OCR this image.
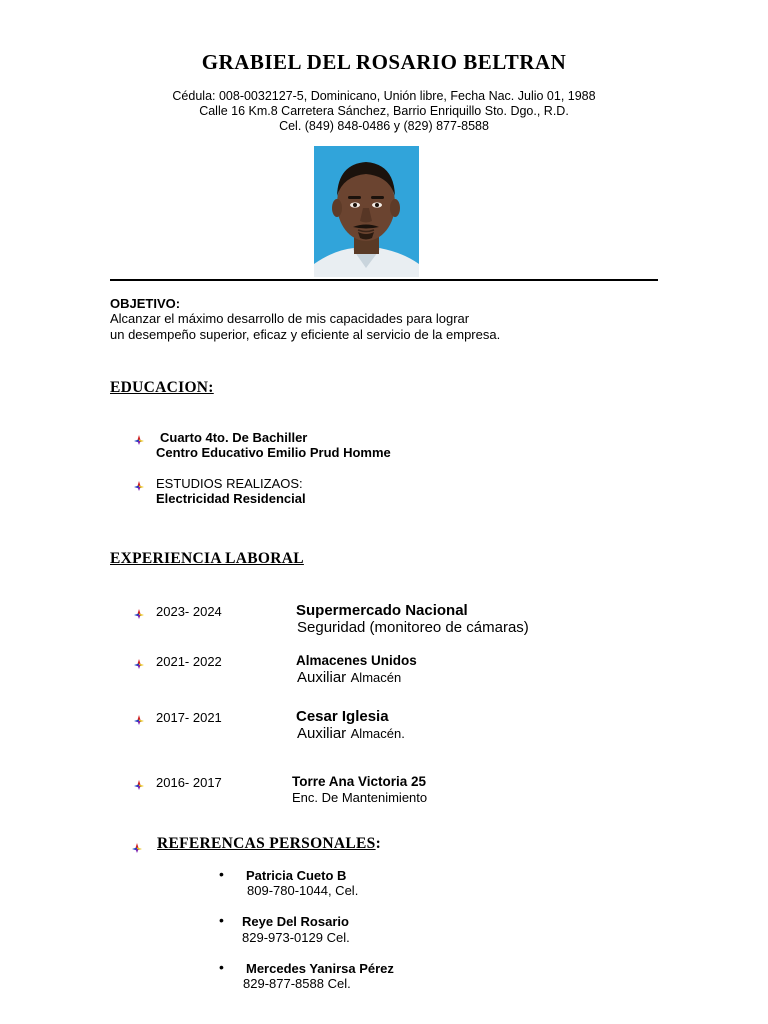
GRABIEL DEL ROSARIO BELTRAN
Cédula: 008-0032127-5, Dominicano, Unión libre, Fecha Nac. Julio 01, 1988
Calle 16 Km.8 Carretera Sánchez, Barrio Enriquillo Sto. Dgo., R.D.
Cel. (849) 848-0486 y (829) 877-8588
OBJETIVO:
Alcanzar el máximo desarrollo de mis capacidades para lograr
un desempeño superior, eficaz y eficiente al servicio de la empresa.
EDUCACION:
Cuarto 4to. De Bachiller
Centro Educativo Emilio Prud Homme
ESTUDIOS REALIZAOS:
Electricidad Residencial
EXPERIENCIA LABORAL
2023- 2024	Supermercado Nacional
Seguridad (monitoreo de cámaras)
2021- 2022	Almacenes Unidos
Auxiliar Almacén
2017- 2021	Cesar Iglesia
Auxiliar Almacén.
2016- 2017	Torre Ana Victoria 25
Enc. De Mantenimiento
REFERENCAS PERSONALES:
• Patricia Cueto B
809-780-1044, Cel.
• Reye Del Rosario
829-973-0129 Cel.
• Mercedes Yanirsa Pérez
829-877-8588 Cel.
